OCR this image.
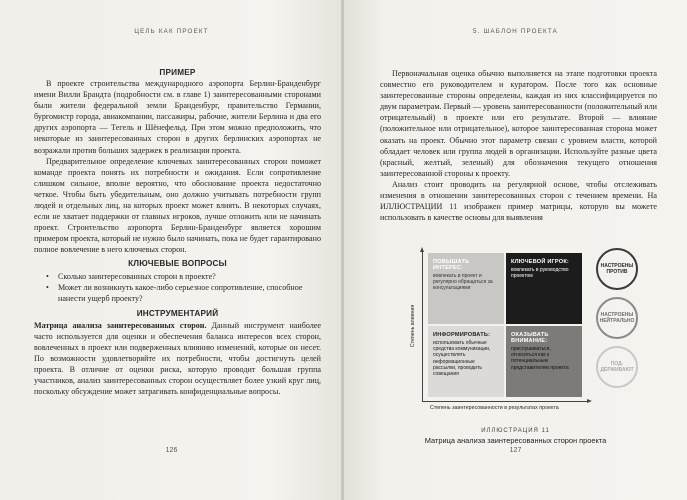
ЦЕЛЬ КАК ПРОЕКТ
ПРИМЕР

В проекте строительства международного аэропорта Берлин-Бранденбург имени Вилли Брандта (подробности см. в главе 1) заинтересованными сторонами были жители федеральной земли Бранденбург, правительство Германии, бургомистр города, авиакомпании, пассажиры, рабочие, жители Берлина и два его других аэропорта — Тегель и Шёнефельд. При этом можно предположить, что некоторые из заинтересованных сторон в других берлинских аэропортах не возражали против больших задержек в реализации проекта.

Предварительное определение ключевых заинтересованных сторон поможет команде проекта понять их потребности и ожидания. Если сопротивление слишком сильное, вполне вероятно, что обоснование проекта недостаточно четкое. Чтобы быть убедительным, оно должно учитывать потребности групп людей и отдельных лиц, на которых проект может влиять. В некоторых случаях, если не хватает поддержки от главных игроков, лучше отложить или не начинать проект. Строительство аэропорта Берлин-Бранденбург является хорошим примером проекта, который не нужно было начинать, пока не будет гарантировано полное вовлечение в него ключевых сторон.

КЛЮЧЕВЫЕ ВОПРОСЫ
• Сколько заинтересованных сторон в проекте?
• Может ли возникнуть какое-либо серьезное сопротивление, способное нанести ущерб проекту?
ИНСТРУМЕНТАРИЙ

Матрица анализа заинтересованных сторон. Данный инструмент наиболее часто используется для оценки и обеспечения баланса интересов всех сторон, вовлеченных в проект или подверженных влиянию изменений, которые он несет. По возможности удовлетворяйте их потребности, чтобы достигнуть целей проекта. В отличие от оценки риска, которую проводит большая группа участников, анализ заинтересованных сторон осуществляет более узкий круг лиц, поскольку обсуждение может затрагивать конфиденциальные вопросы.

126
5. ШАБЛОН ПРОЕКТА

Первоначальная оценка обычно выполняется на этапе подготовки проекта совместно его руководителем и куратором. После того как основные заинтересованные стороны определены, каждая из них классифицируется по двум параметрам. Первый — уровень заинтересованности (положительный или отрицательный) в проекте или его результате. Второй — влияние (положительное или отрицательное), которое заинтересованная сторона может оказать на проект. Обычно этот параметр связан с уровнем власти, которой обладает человек или группа людей в организации. Используйте разные цвета (красный, желтый, зеленый) для обозначения текущего отношения заинтересованной стороны к проекту.

Анализ стоит проводить на регулярной основе, чтобы отслеживать изменения в отношении заинтересованных сторон с течением времени. На ИЛЛЮСТРАЦИИ 11 изображен пример матрицы, которую вы можете использовать в качестве основы для выявления

127
Степень влияния
Степень заинтересованности в результатах проекта
ПОВЫШАТЬ ИНТЕРЕС:
вовлекать в проект и регулярно обращаться за консультациями
КЛЮЧЕВОЙ ИГРОК:
вовлекать в руководство проектом
ИНФОРМИРОВАТЬ:
использовать обычные средства коммуникации, осуществлять информационные рассылки, проводить совещания
ОКАЗЫВАТЬ ВНИМАНИЕ:
прислушиваться, относиться как к потенциальным представителям проекта
НАСТРОЕНЫ ПРОТИВ
НАСТРОЕНЫ НЕЙТРАЛЬНО
ПОД-ДЕРЖИВАЮТ
ИЛЛЮСТРАЦИЯ 11
Матрица анализа заинтересованных сторон проекта
